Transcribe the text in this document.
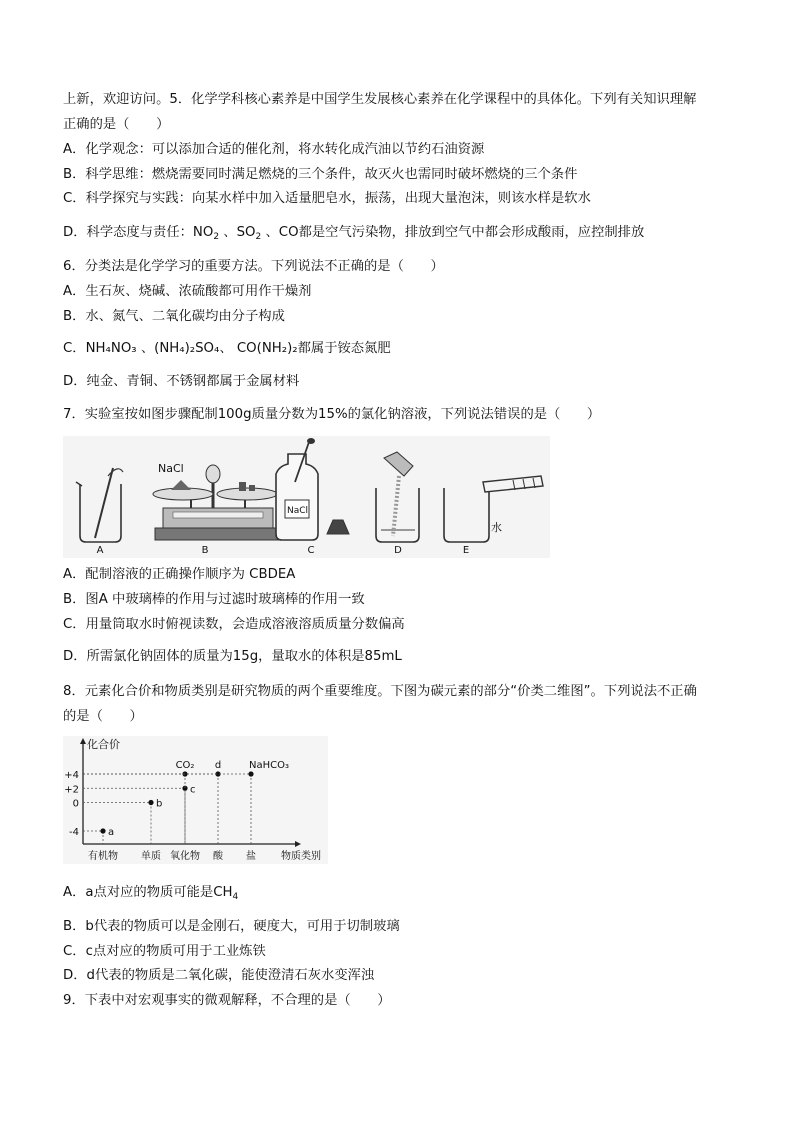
上新，欢迎访问。5．化学学科核心素养是中国学生发展核心素养在化学课程中的具体化。下列有关知识理解
正确的是（　　）
A．化学观念：可以添加合适的催化剂，将水转化成汽油以节约石油资源
B．科学思维：燃烧需要同时满足燃烧的三个条件，故灭火也需同时破坏燃烧的三个条件
C．科学探究与实践：向某水样中加入适量肥皂水，振荡，出现大量泡沫，则该水样是软水
D．科学态度与责任：$NO_2$ 、$SO_2$ 、CO都是空气污染物，排放到空气中都会形成酸雨，应控制排放
6．分类法是化学学习的重要方法。下列说法不正确的是（　　）
A．生石灰、烧碱、浓硫酸都可用作干燥剂
B．水、氮气、二氧化碳均由分子构成
C．NH₄NO₃ 、(NH₄)₂SO₄、 CO(NH₂)₂都属于铵态氮肥
D．纯金、青铜、不锈钢都属于金属材料
7．实验室按如图步骤配制100g质量分数为15%的氯化钠溶液，下列说法错误的是（　　）
NaCl
NaCl
水
A	B	C	D	E
A．配制溶液的正确操作顺序为 CBDEA
B．图A 中玻璃棒的作用与过滤时玻璃棒的作用一致
C．用量筒取水时俯视读数，会造成溶液溶质质量分数偏高
D．所需氯化钠固体的质量为15g，量取水的体积是85mL
8．元素化合价和物质类别是研究物质的两个重要维度。下图为碳元素的部分“价类二维图”。下列说法不正确
的是（　　）
化合价
+4
+2
0
-4
有机物 单质 氧化物 酸 盐	物质类别
a
b
c
CO₂ d	NaHCO₃
A．a点对应的物质可能是$CH_4$
B．b代表的物质可以是金刚石，硬度大，可用于切制玻璃
C．c点对应的物质可用于工业炼铁
D．d代表的物质是二氧化碳，能使澄清石灰水变浑浊
9．下表中对宏观事实的微观解释，不合理的是（　　）
